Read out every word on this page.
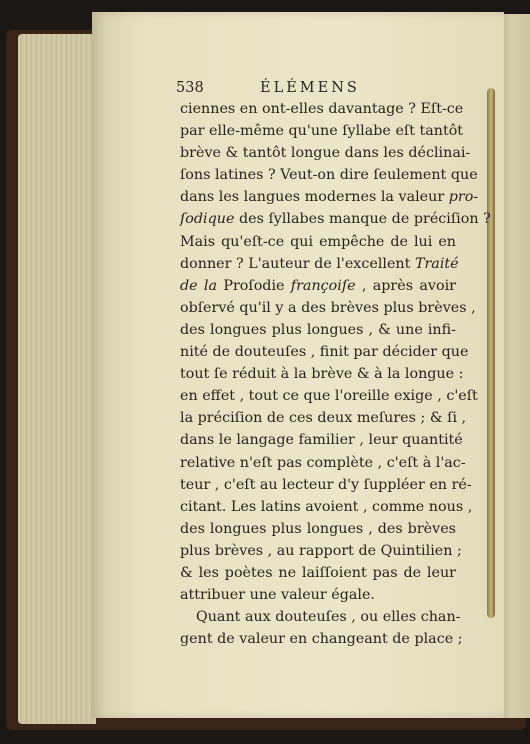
538	ÉLÉMENS
ciennes en ont-elles davantage ? Eſt-ce
par elle-même qu'une ſyllabe eſt tantôt
brève & tantôt longue dans les déclinai-
ſons latines ? Veut-on dire ſeulement que
dans les langues modernes la valeur pro-
ſodique des ſyllabes manque de préciſion ?
Mais qu'eſt-ce qui empêche de lui en
donner ? L'auteur de l'excellent Traité
de la Proſodie françoiſe , après avoir
obſervé qu'il y a des brèves plus brèves ,
des longues plus longues , & une infi-
nité de douteuſes , finit par décider que
tout ſe réduit à la brève & à la longue :
en effet , tout ce que l'oreille exige , c'eſt
la préciſion de ces deux meſures ; & ſi ,
dans le langage familier , leur quantité
relative n'eſt pas complète , c'eſt à l'ac-
teur , c'eſt au lecteur d'y ſuppléer en ré-
citant. Les latins avoient , comme nous ,
des longues plus longues , des brèves
plus brèves , au rapport de Quintilien ;
& les poètes ne laiſſoient pas de leur
attribuer une valeur égale.
Quant aux douteuſes , ou elles chan-
gent de valeur en changeant de place ;
